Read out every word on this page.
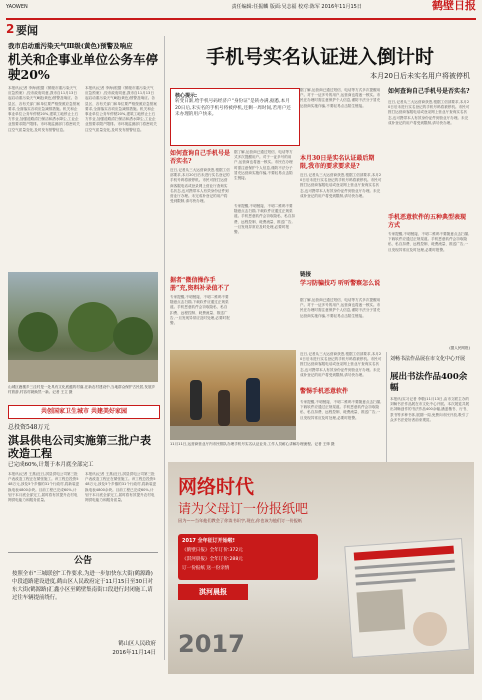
YAOWEN	责任编辑:任振麟 版面:吴志福 校对:陈军 2016年11月15日	鹤壁日报
2 要闻
我市启动重污染天气Ⅲ级(黄色)预警及响应
机关和企事业单位公务车停驶20%
本报讯(记者 李海)根据《鹤壁市重污染天气应急预案》,经市政府同意,我市自11月13日起启动重污染天气Ⅲ级(黄色)预警及响应。各县区、各有关部门和单位要严格按照应急预案要求,全面落实各项应急减排措施。机关和企事业单位公务车停驶20%,建筑工地停止土石方作业,加强道路清扫保洁和洒水降尘,工业企业按要求限产限排。市环境监测部门将密切关注空气质量变化,及时发布预警信息。
本报讯(记者 李海)根据《鹤壁市重污染天气应急预案》,经市政府同意,我市自11月13日起启动重污染天气Ⅲ级(黄色)预警及响应。各县区、各有关部门和单位要严格按照应急预案要求,全面落实各项应急减排措施。机关和企事业单位公务车停驶20%,建筑工地停止土石方作业,加强道路清扫保洁和洒水降尘,工业企业按要求限产限排。市环境监测部门将密切关注空气质量变化,及时发布预警信息。
山城区鹿楼乡三洼村是一处具有文化底蕴的村落,在新农村建设中,当地群众保护古民居,发展乡村旅游,村容村貌焕然一新。记者 王立 摄
共创国家卫生城市 共建美好家园
总投资548万元
淇县供电公司实施第三批户表改造工程
已完成60%,计划于本月底全部完工
本报讯(记者 王燕)近日,淇县供电公司第三批户表改造工程正在紧张施工。该工程总投资548万元,涉及5个乡镇的31个行政村,将新装更换电表4800余块。目前工程已完成60%,计划于本月底全部完工,届时将有效提升农村电网供电能力和服务质量。
本报讯(记者 王燕)近日,淇县供电公司第三批户表改造工程正在紧张施工。该工程总投资548万元,涉及5个乡镇的31个行政村,将新装更换电表4800余块。目前工程已完成60%,计划于本月底全部完工,届时将有效提升农村电网供电能力和服务质量。
公告
按照全市“三城联创”工作要求,为进一步加快东大街(鹤源路)中段道路建设进度,鹤山区人民政府定于11月15日至30日对东大街(鹤源路)汇鑫小区至鹤壁集南街口段进行封闭施工,请过往车辆提前绕行。
鹤山区人民政府
2016年11月14日
手机号实名认证进入倒计时
本月20日后未实名用户将被停机
核心提示:
转变日渐,给手机号码经济户“身份证”是转办满,据悉,本月20日后,未实名的手机号将被停机,还剩一周时间,若用户还未办理的用户快来。
据了解,运营商已通过短信、电话等方式多次提醒用户。对于一证多号的用户,运营商也将逐一核实。市民在办理时需注意保护个人信息,谨防不法分子冒充运营商实施诈骗,不要轻易点击陌生链接。
如何查询自己手机号是否实名?
近日,记者从三大运营商获悉,根据工信部要求,本月20日后未进行实名登记的手机号码将被停机。市民可拨打运营商客服电话或登录网上营业厅查询实名状态,也可携带本人有效身份证件到营业厅办理。未完成补登记的用户将受到限制,请尽快办理。
如何查询自己手机号是否实名?
近日,记者从三大运营商获悉,根据工信部要求,本月20日后未进行实名登记的手机号码将被停机。市民可拨打运营商客服电话或登录网上营业厅查询实名状态,也可携带本人有效身份证件到营业厅办理。未完成补登记的用户将受到限制,请尽快办理。
据了解,运营商已通过短信、电话等方式多次提醒用户。对于一证多号的用户,运营商也将逐一核实。市民在办理时需注意保护个人信息,谨防不法分子冒充运营商实施诈骗,不要轻易点击陌生链接。
本月30日是实名认证最后期限,我市的要求要求是?
近日,记者从三大运营商获悉,根据工信部要求,本月20日后未进行实名登记的手机号码将被停机。市民可拨打运营商客服电话或登录网上营业厅查询实名状态,也可携带本人有效身份证件到营业厅办理。未完成补登记的用户将受到限制,请尽快办理。
据者“微信操作手册”充,资料补录值不了
专家提醒,不明链接、不明二维码不要随意点击扫描,下载软件应通过正规渠道。手机恶意软件会窃取隐私、私自扣费、远程控制、耗费流量、推送广告,一旦发现异常应及时处理,必要时报警。
专家提醒,不明链接、不明二维码不要随意点击扫描,下载软件应通过正规渠道。手机恶意软件会窃取隐私、私自扣费、远程控制、耗费流量、推送广告,一旦发现异常应及时处理,必要时报警。
链接
学习防骗技巧 听听警察怎么说
据了解,运营商已通过短信、电话等方式多次提醒用户。对于一证多号的用户,运营商也将逐一核实。市民在办理时需注意保护个人信息,谨防不法分子冒充运营商实施诈骗,不要轻易点击陌生链接。
手机恶意软件的五种典型表现方式
专家提醒,不明链接、不明二维码不要随意点击扫描,下载软件应通过正规渠道。手机恶意软件会窃取隐私、私自扣费、远程控制、耗费流量、推送广告,一旦发现异常应及时处理,必要时报警。
(据人民网报)
近日,记者从三大运营商获悉,根据工信部要求,本月20日后未进行实名登记的手机号码将被停机。市民可拨打运营商客服电话或登录网上营业厅查询实名状态,也可携带本人有效身份证件到营业厅办理。未完成补登记的用户将受到限制,请尽快办理。
警惕手机恶意软件
专家提醒,不明链接、不明二维码不要随意点击扫描,下载软件应通过正规渠道。手机恶意软件会窃取隐私、私自扣费、远程控制、耗费流量、推送广告,一旦发现异常应及时处理,必要时报警。
11月11日,运营商营业厅内市民排队办理手机号实名认证业务,工作人员耐心讲解办理流程。记者 王帅 摄
刘畅书法作品展在市文化中心开展
展出书法作品400余幅
本报讯(实习记者 李敬)11月13日,由市文联主办的刘畅书法作品展在市文化中心开展。本次展览共展出刘畅创作的书法作品400余幅,涵盖楷书、行书、隶书等多种书体,展期一周,免费向市民开放,吸引了众多书法爱好者前来观赏。
网络时代
请为父母订一份报纸吧
因为——当年他们教会了你读书识字,现在,你也该为他们订一份报纸
2017 全年征订开始啦!
《鹤壁日报》全年订价:372元
《淇河晨报》全年订价:288元
订一份报纸 送一份亲情
淇河晨报
2017
